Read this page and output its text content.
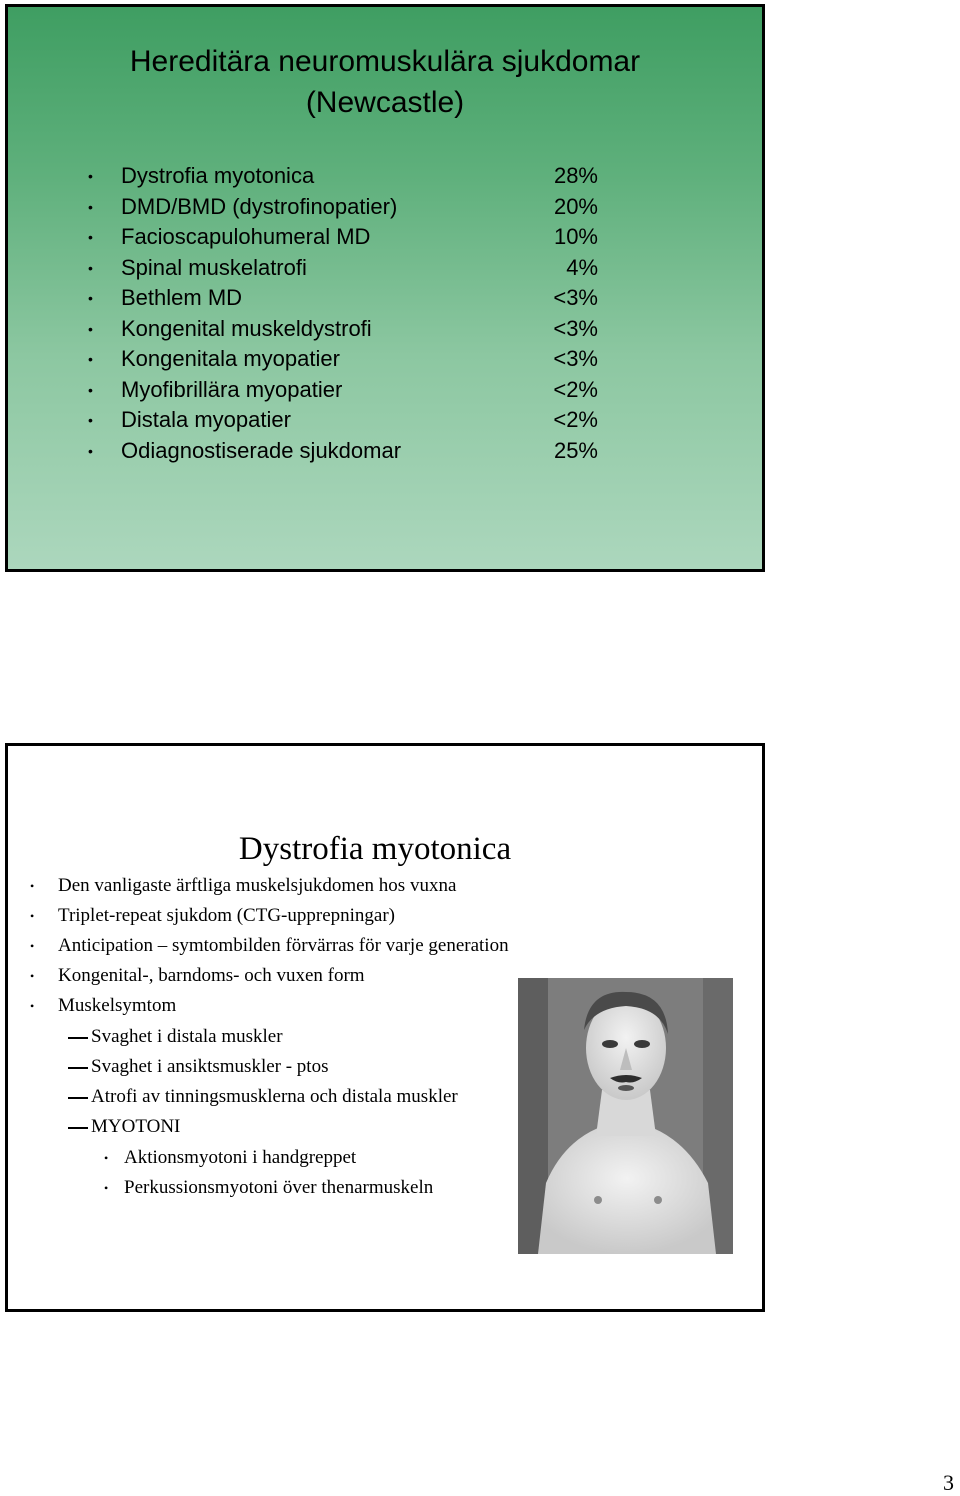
Hereditära neuromuskulära sjukdomar
(Newcastle)
• Dystrofia myotonica	28%
• DMD/BMD (dystrofinopatier)	20%
• Facioscapulohumeral MD	10%
• Spinal muskelatrofi	4%
• Bethlem MD	<3%
• Kongenital muskeldystrofi	<3%
• Kongenitala myopatier	<3%
• Myofibrillära myopatier	<2%
• Distala myopatier	<2%
• Odiagnostiserade sjukdomar	25%
Dystrofia myotonica
• Den vanligaste ärftliga muskelsjukdomen hos vuxna
• Triplet-repeat sjukdom (CTG-upprepningar)
• Anticipation – symtombilden förvärras för varje generation
• Kongenital-, barndoms- och vuxen form
• Muskelsymtom
Svaghet i distala muskler
Svaghet i ansiktsmuskler - ptos
Atrofi av tinningsmusklerna och distala muskler
MYOTONI
• Aktionsmyotoni i handgreppet
• Perkussionsmyotoni över thenarmuskeln
3
